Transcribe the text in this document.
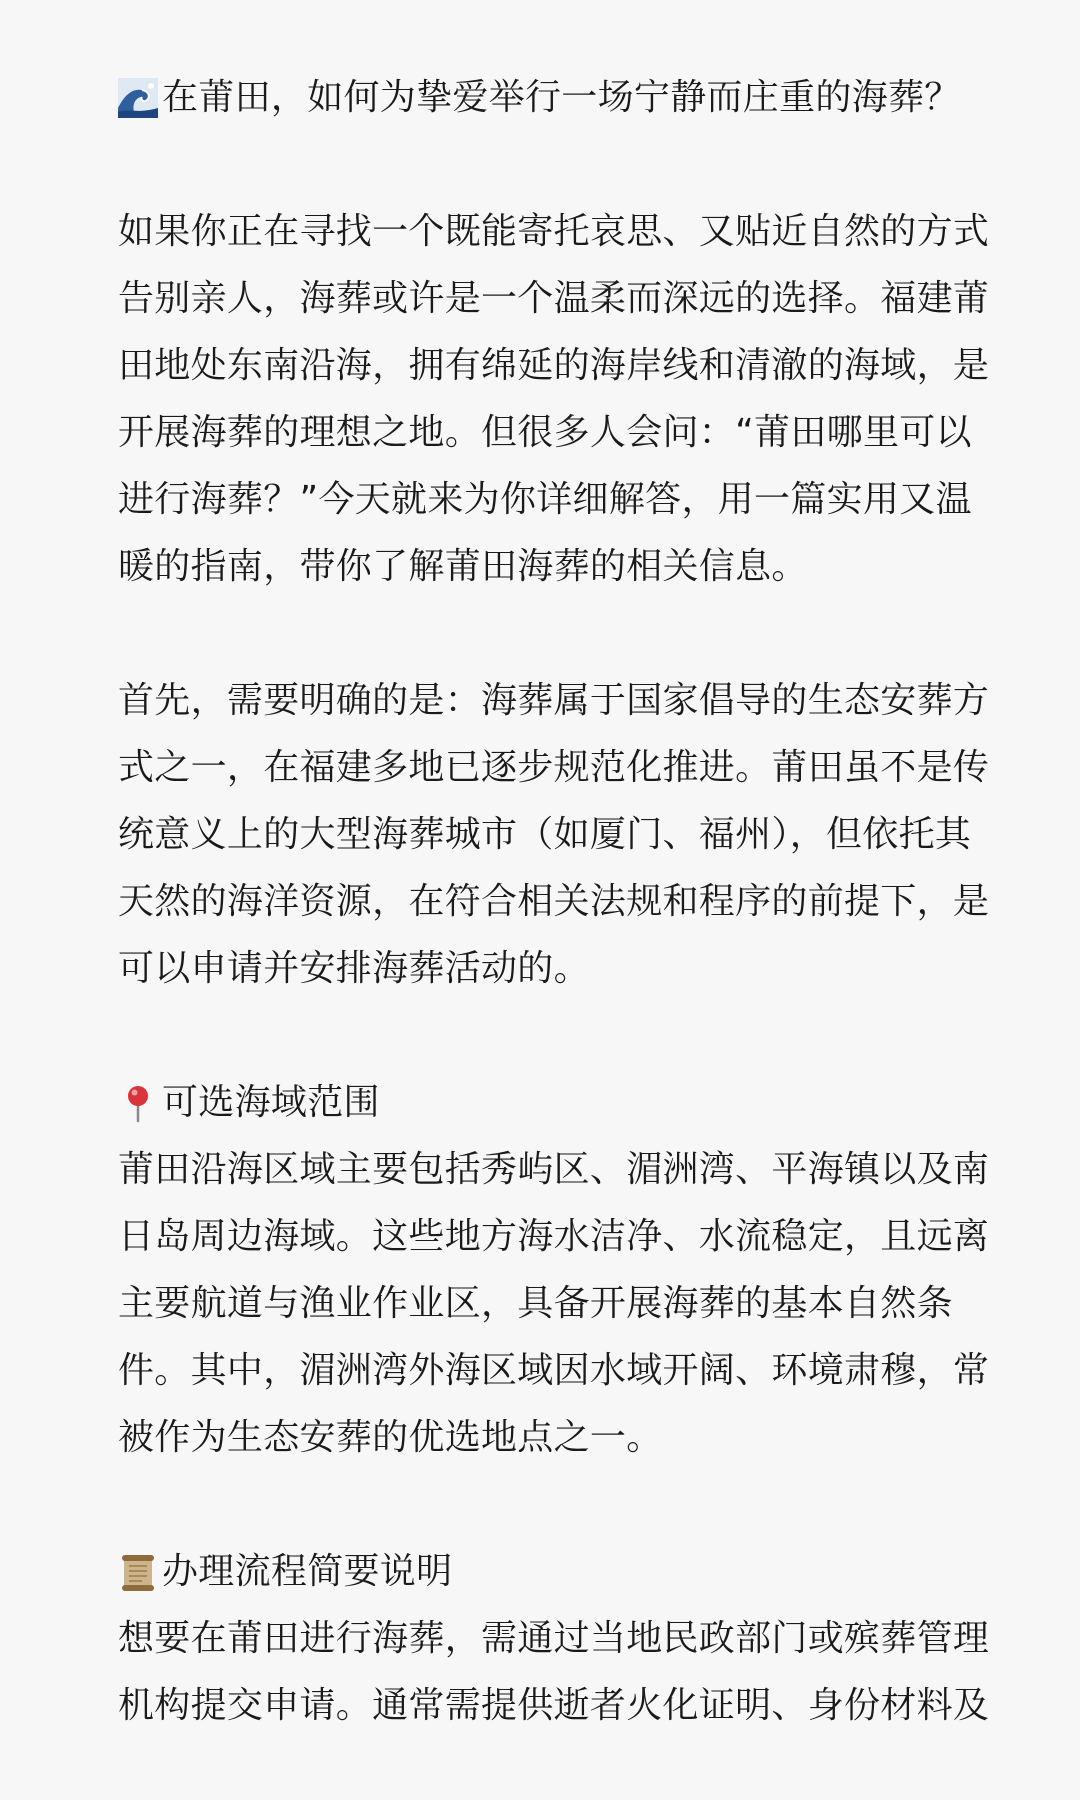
在莆田，如何为挚爱举行一场宁静而庄重的海葬？

如果你正在寻找一个既能寄托哀思、又贴近自然的方式

告别亲人，海葬或许是一个温柔而深远的选择。福建莆

田地处东南沿海，拥有绵延的海岸线和清澈的海域，是

开展海葬的理想之地。但很多人会问：“莆田哪里可以

进行海葬？”今天就来为你详细解答，用一篇实用又温

暖的指南，带你了解莆田海葬的相关信息。

首先，需要明确的是：海葬属于国家倡导的生态安葬方

式之一，在福建多地已逐步规范化推进。莆田虽不是传

统意义上的大型海葬城市（如厦门、福州），但依托其

天然的海洋资源，在符合相关法规和程序的前提下，是

可以申请并安排海葬活动的。

可选海域范围

莆田沿海区域主要包括秀屿区、湄洲湾、平海镇以及南

日岛周边海域。这些地方海水洁净、水流稳定，且远离

主要航道与渔业作业区，具备开展海葬的基本自然条

件。其中，湄洲湾外海区域因水域开阔、环境肃穆，常

被作为生态安葬的优选地点之一。

办理流程简要说明

想要在莆田进行海葬，需通过当地民政部门或殡葬管理

机构提交申请。通常需提供逝者火化证明、身份材料及
